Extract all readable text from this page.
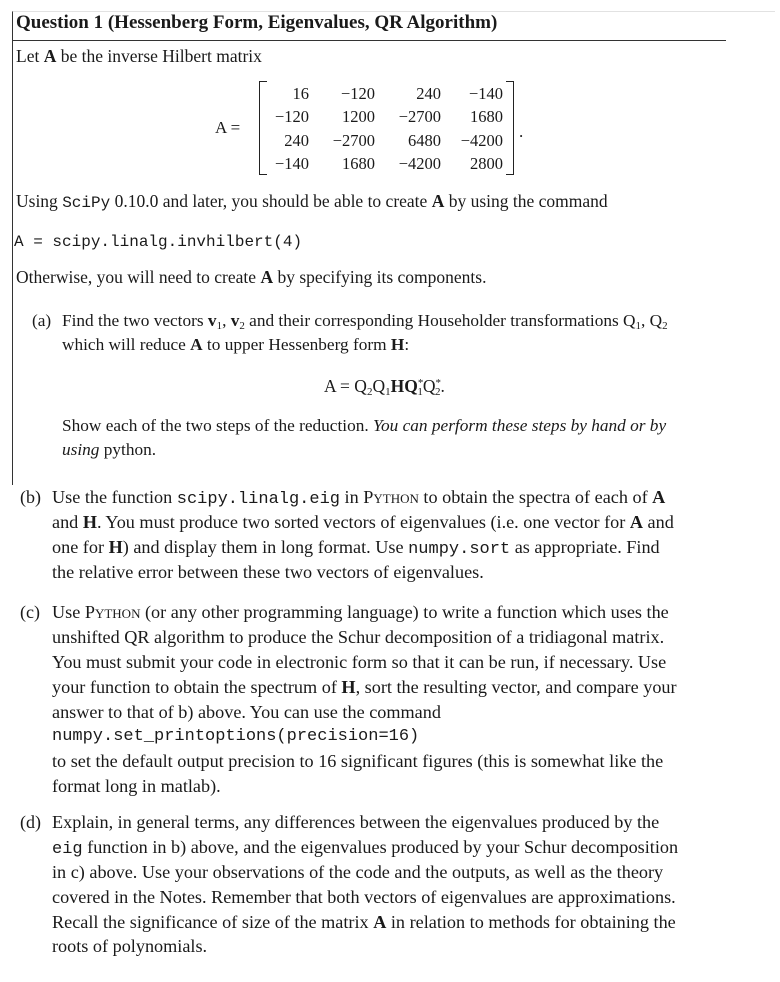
Question 1 (Hessenberg Form, Eigenvalues, QR Algorithm)
Let A be the inverse Hilbert matrix
A =
16	−120	240	−140
−120	1200	−2700	1680
240	−2700	6480	−4200
−140	1680	−4200	2800
.
Using SciPy 0.10.0 and later, you should be able to create A by using the command
A = scipy.linalg.invhilbert(4)
Otherwise, you will need to create A by specifying its components.
(a) Find the two vectors $v_1$, $v_2$ and their corresponding Householder transformations $Q_1$, $Q_2$
which will reduce A to upper Hessenberg form H:
$A = Q_2Q_1HQ^*_1Q^*_2$.
Show each of the two steps of the reduction. You can perform these steps by hand or by
using python.
(b) Use the function scipy.linalg.eig in Python to obtain the spectra of each of A
and H. You must produce two sorted vectors of eigenvalues (i.e. one vector for A and
one for H) and display them in long format. Use numpy.sort as appropriate. Find
the relative error between these two vectors of eigenvalues.
(c) Use Python (or any other programming language) to write a function which uses the
unshifted QR algorithm to produce the Schur decomposition of a tridiagonal matrix.
You must submit your code in electronic form so that it can be run, if necessary. Use
your function to obtain the spectrum of H, sort the resulting vector, and compare your
answer to that of b) above. You can use the command
numpy.set_printoptions(precision=16)
to set the default output precision to 16 significant figures (this is somewhat like the
format long in matlab).
(d) Explain, in general terms, any differences between the eigenvalues produced by the
eig function in b) above, and the eigenvalues produced by your Schur decomposition
in c) above. Use your observations of the code and the outputs, as well as the theory
covered in the Notes. Remember that both vectors of eigenvalues are approximations.
Recall the significance of size of the matrix A in relation to methods for obtaining the
roots of polynomials.
